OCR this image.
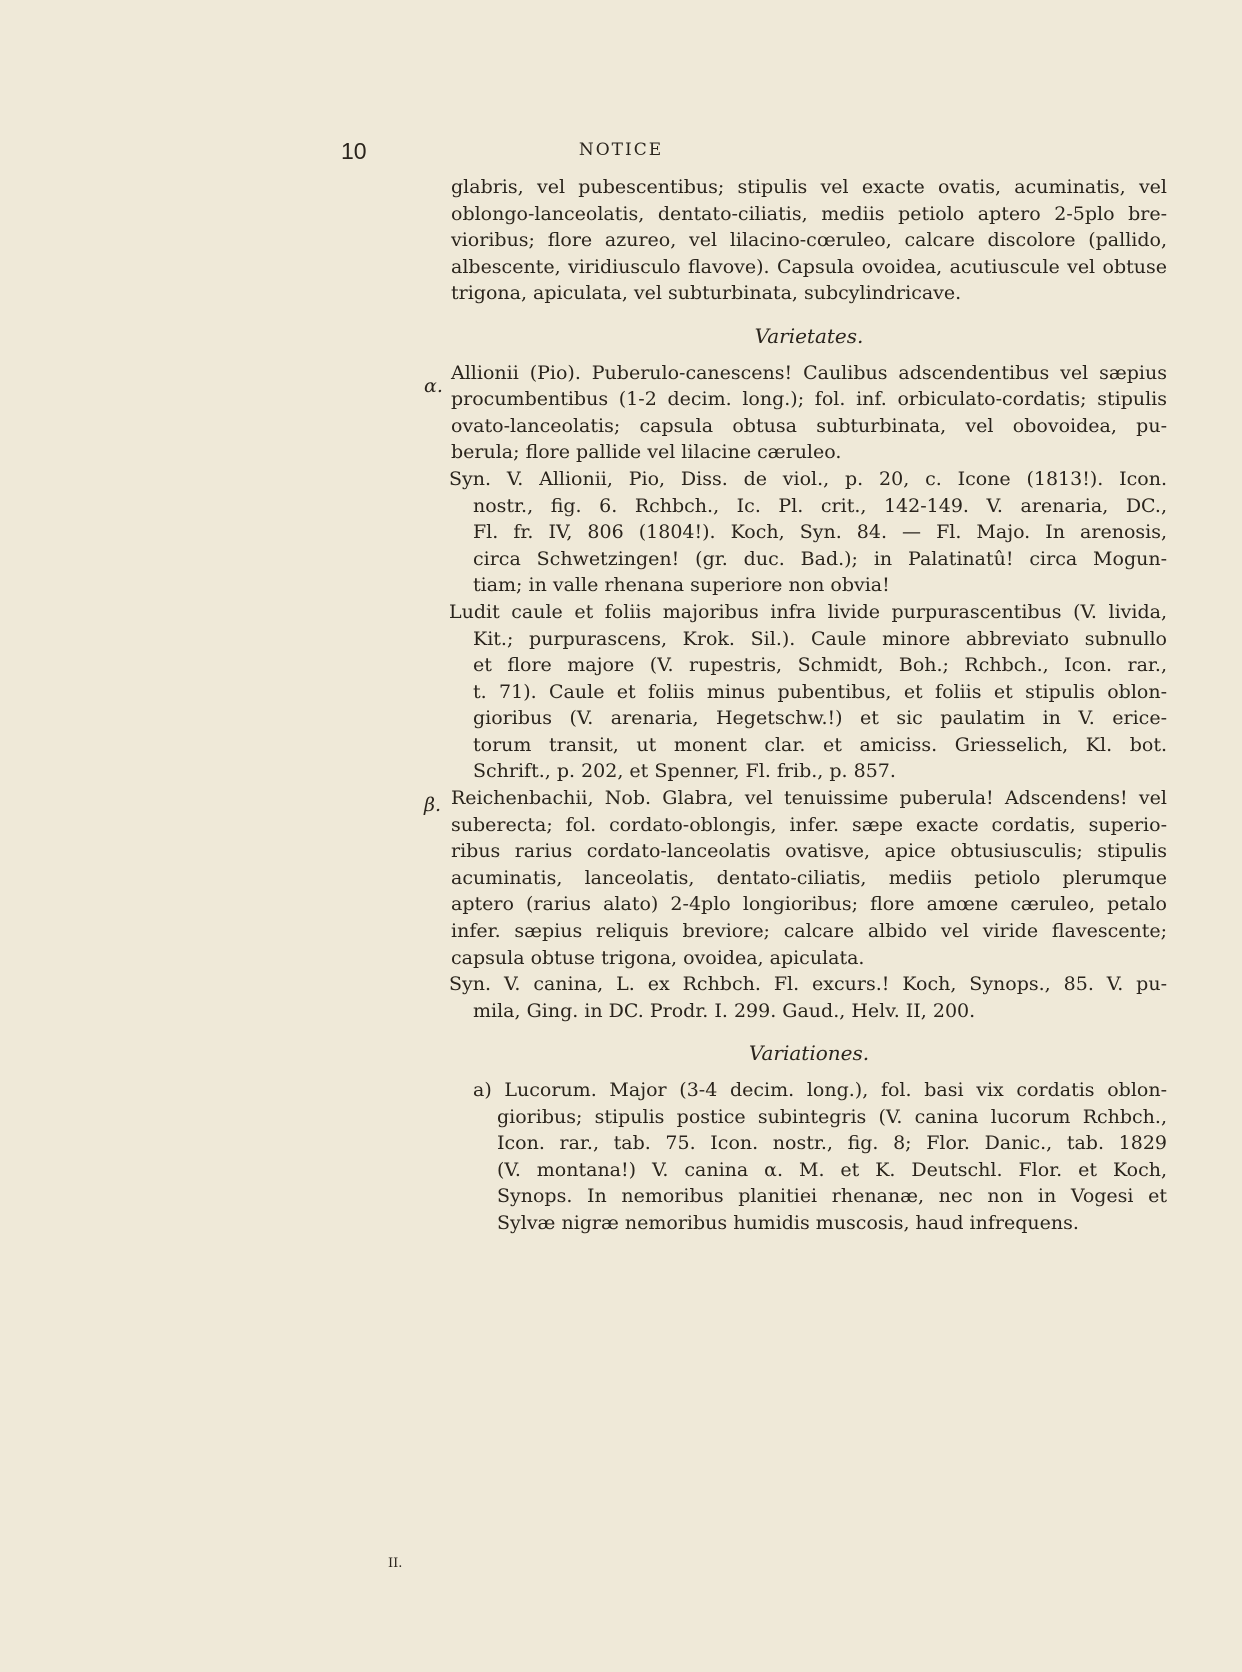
10	NOTICE
α.
β.
glabris, vel pubescentibus; stipulis vel exacte ovatis, acuminatis, vel
oblongo-lanceolatis, dentato-ciliatis, mediis petiolo aptero 2-5plo bre-
vioribus; flore azureo, vel lilacino-cœruleo, calcare discolore (pallido,
albescente, viridiusculo flavove). Capsula ovoidea, acutiuscule vel obtuse
trigona, apiculata, vel subturbinata, subcylindricave.
Varietates.
Allionii (Pio). Puberulo-canescens! Caulibus adscendentibus vel sæpius
procumbentibus (1-2 decim. long.); fol. inf. orbiculato-cordatis; stipulis
ovato-lanceolatis; capsula obtusa subturbinata, vel obovoidea, pu-
berula; flore pallide vel lilacine cæruleo.
Syn. V. Allionii, Pio, Diss. de viol., p. 20, c. Icone (1813!). Icon.
nostr., fig. 6. Rchbch., Ic. Pl. crit., 142-149. V. arenaria, DC.,
Fl. fr. IV, 806 (1804!). Koch, Syn. 84. — Fl. Majo. In arenosis,
circa Schwetzingen! (gr. duc. Bad.); in Palatinatû! circa Mogun-
tiam; in valle rhenana superiore non obvia!
Ludit caule et foliis majoribus infra livide purpurascentibus (V. livida,
Kit.; purpurascens, Krok. Sil.). Caule minore abbreviato subnullo
et flore majore (V. rupestris, Schmidt, Boh.; Rchbch., Icon. rar.,
t. 71). Caule et foliis minus pubentibus, et foliis et stipulis oblon-
gioribus (V. arenaria, Hegetschw.!) et sic paulatim in V. erice-
torum transit, ut monent clar. et amiciss. Griesselich, Kl. bot.
Schrift., p. 202, et Spenner, Fl. frib., p. 857.
Reichenbachii, Nob. Glabra, vel tenuissime puberula! Adscendens! vel
suberecta; fol. cordato-oblongis, infer. sæpe exacte cordatis, superio-
ribus rarius cordato-lanceolatis ovatisve, apice obtusiusculis; stipulis
acuminatis, lanceolatis, dentato-ciliatis, mediis petiolo plerumque
aptero (rarius alato) 2-4plo longioribus; flore amœne cæruleo, petalo
infer. sæpius reliquis breviore; calcare albido vel viride flavescente;
capsula obtuse trigona, ovoidea, apiculata.
Syn. V. canina, L. ex Rchbch. Fl. excurs.! Koch, Synops., 85. V. pu-
mila, Ging. in DC. Prodr. I. 299. Gaud., Helv. II, 200.
Variationes.
a) Lucorum. Major (3-4 decim. long.), fol. basi vix cordatis oblon-
gioribus; stipulis postice subintegris (V. canina lucorum Rchbch.,
Icon. rar., tab. 75. Icon. nostr., fig. 8; Flor. Danic., tab. 1829
(V. montana!) V. canina α. M. et K. Deutschl. Flor. et Koch,
Synops. In nemoribus planitiei rhenanæ, nec non in Vogesi et
Sylvæ nigræ nemoribus humidis muscosis, haud infrequens.
II.
